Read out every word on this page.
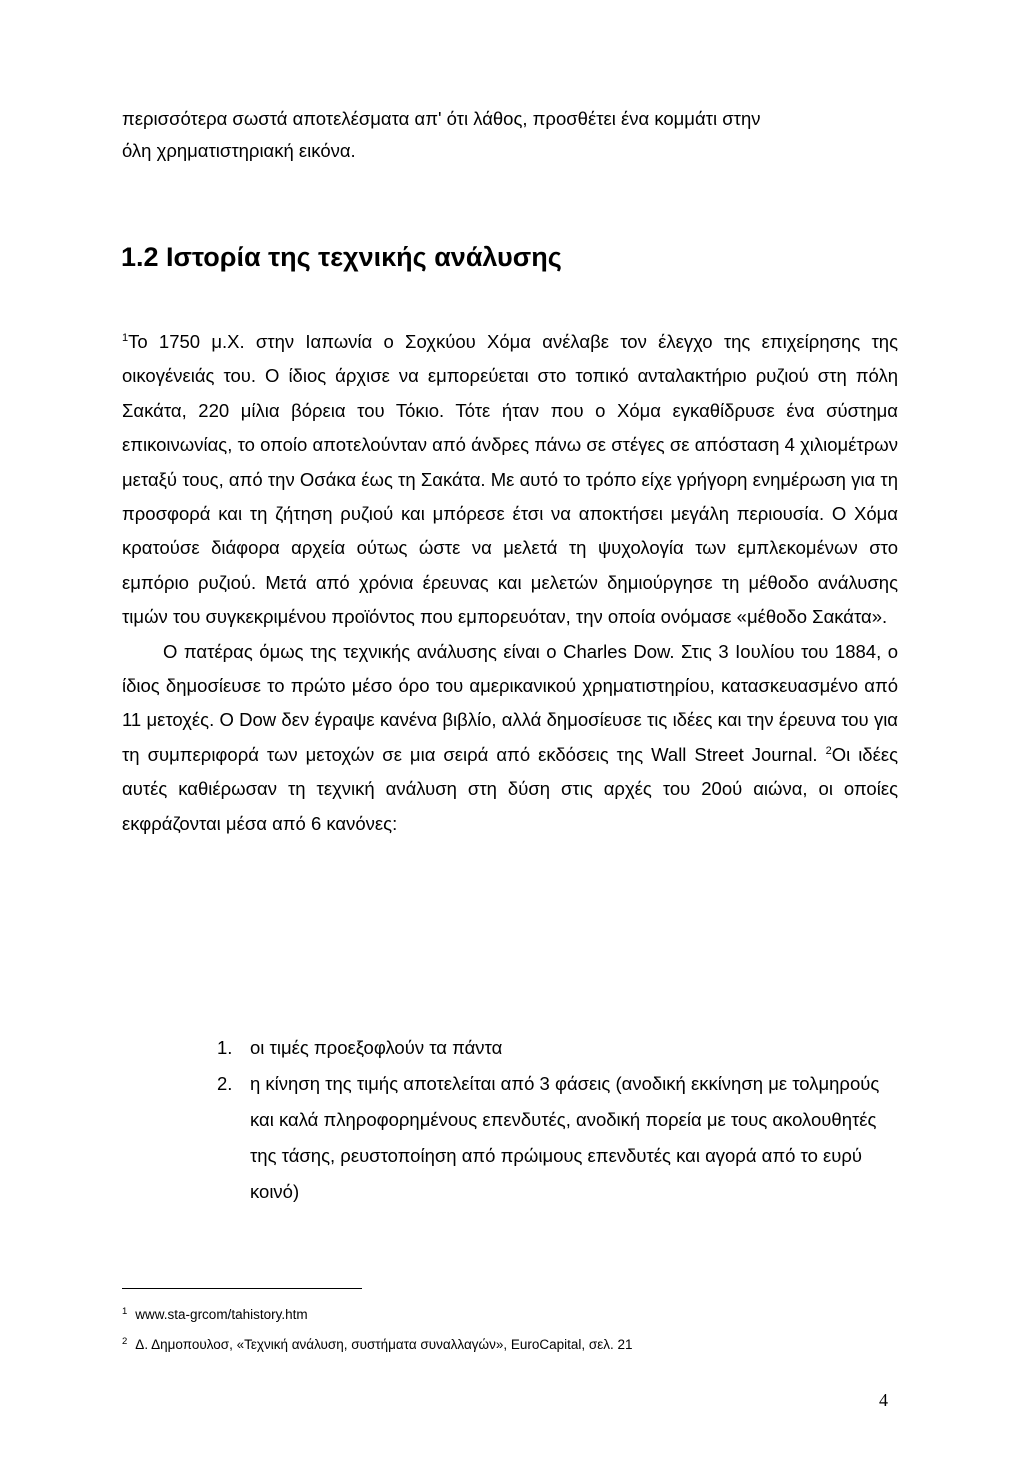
περισσότερα σωστά αποτελέσματα απ' ότι λάθος, προσθέτει ένα κομμάτι στην
όλη χρηματιστηριακή εικόνα.

1.2 Ιστορία της τεχνικής ανάλυσης

$^1$Το 1750 μ.Χ. στην Ιαπωνία ο Σοχκύου Χόμα ανέλαβε τον έλεγχο της επιχείρησης της οικογένειάς του. Ο ίδιος άρχισε να εμπορεύεται στο τοπικό ανταλακτήριο ρυζιού στη πόλη Σακάτα, 220 μίλια βόρεια του Τόκιο. Τότε ήταν που ο Χόμα εγκαθίδρυσε ένα σύστημα επικοινωνίας, το οποίο αποτελούνταν από άνδρες πάνω σε στέγες σε απόσταση 4 χιλιομέτρων μεταξύ τους, από την Οσάκα έως τη Σακάτα. Με αυτό το τρόπο είχε γρήγορη ενημέρωση για τη προσφορά και τη ζήτηση ρυζιού και μπόρεσε έτσι να αποκτήσει μεγάλη περιουσία. Ο Χόμα κρατούσε διάφορα αρχεία ούτως ώστε να μελετά τη ψυχολογία των εμπλεκομένων στο εμπόριο ρυζιού. Μετά από χρόνια έρευνας και μελετών δημιούργησε τη μέθοδο ανάλυσης τιμών του συγκεκριμένου προϊόντος που εμπορευόταν, την οποία ονόμασε «μέθοδο Σακάτα».

Ο πατέρας όμως της τεχνικής ανάλυσης είναι ο Charles Dow. Στις 3 Ιουλίου του 1884, ο ίδιος δημοσίευσε το πρώτο μέσο όρο του αμερικανικού χρηματιστηρίου, κατασκευασμένο από 11 μετοχές. Ο Dow δεν έγραψε κανένα βιβλίο, αλλά δημοσίευσε τις ιδέες και την έρευνα του για τη συμπεριφορά των μετοχών σε μια σειρά από εκδόσεις της Wall Street Journal. $^2$Οι ιδέες αυτές καθιέρωσαν τη τεχνική ανάλυση στη δύση στις αρχές του 20ού αιώνα, οι οποίες εκφράζονται μέσα από 6 κανόνες:

1. οι τιμές προεξοφλούν τα πάντα
2. η κίνηση της τιμής αποτελείται από 3 φάσεις (ανοδική εκκίνηση με τολμηρούς και καλά πληροφορημένους επενδυτές, ανοδική πορεία με τους ακολουθητές της τάσης, ρευστοποίηση από πρώιμους επενδυτές και αγορά από το ευρύ κοινό)

$^1$ www.sta-grcom/tahistory.htm

$^2$ Δ. Δημοπουλοσ, «Τεχνική ανάλυση, συστήματα συναλλαγών», EuroCapital, σελ. 21

4
